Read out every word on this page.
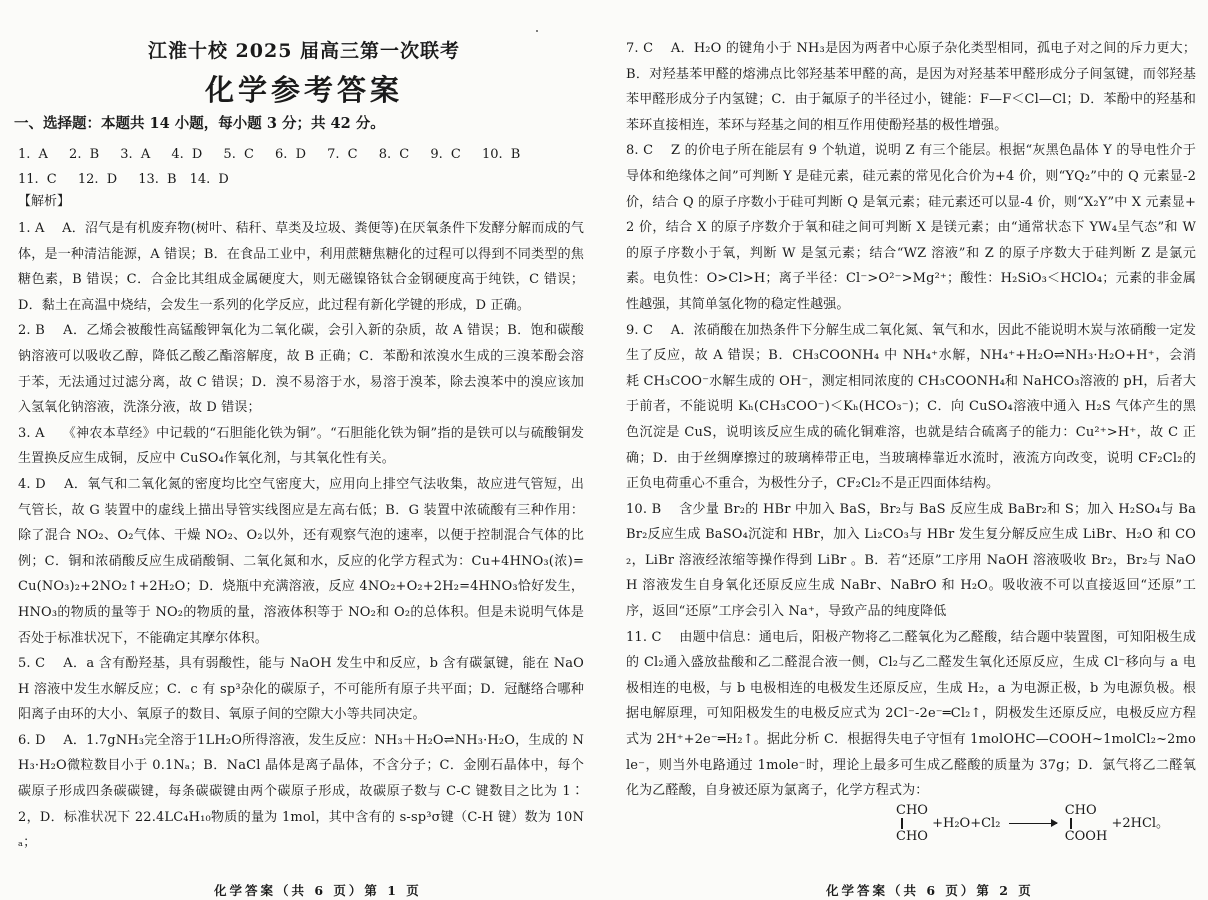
江淮十校 2025 届高三第一次联考
化学参考答案
一、选择题：本题共 14 小题，每小题 3 分；共 42 分。
1. A　 2. B　 3. A　 4. D　 5. C　 6. D　 7. C　 8. C　 9. C　 10. B
11. C　 12. D　 13. B　14. D
【解析】

1. A　 A．沼气是有机废弃物(树叶、秸秆、草类及垃圾、粪便等)在厌氧条件下发酵分解而成的气体，是一种清洁能源，A 错误；B．在食品工业中，利用蔗糖焦糖化的过程可以得到不同类型的焦糖色素，B 错误；C．合金比其组成金属硬度大，则无磁镍铬钛合金钢硬度高于纯铁，C 错误；D．黏土在高温中烧结，会发生一系列的化学反应，此过程有新化学键的形成，D 正确。

2. B　 A．乙烯会被酸性高锰酸钾氧化为二氧化碳，会引入新的杂质，故 A 错误；B．饱和碳酸钠溶液可以吸收乙醇，降低乙酸乙酯溶解度，故 B 正确；C．苯酚和浓溴水生成的三溴苯酚会溶于苯，无法通过过滤分离，故 C 错误；D．溴不易溶于水，易溶于溴苯，除去溴苯中的溴应该加入氢氧化钠溶液，洗涤分液，故 D 错误；

3. A　 《神农本草经》中记载的“石胆能化铁为铜”。“石胆能化铁为铜”指的是铁可以与硫酸铜发生置换反应生成铜，反应中 CuSO₄作氧化剂，与其氧化性有关。

4. D　 A．氧气和二氧化氮的密度均比空气密度大，应用向上排空气法收集，故应进气管短，出气管长，故 G 装置中的虚线上描出导管实线图应是左高右低；B．G 装置中浓硫酸有三种作用：除了混合 NO₂、O₂气体、干燥 NO₂、O₂以外，还有观察气泡的速率，以便于控制混合气体的比例；C．铜和浓硝酸反应生成硝酸铜、二氧化氮和水，反应的化学方程式为：Cu+4HNO₃(浓)=Cu(NO₃)₂+2NO₂↑+2H₂O；D．烧瓶中充满溶液，反应 4NO₂+O₂+2H₂=4HNO₃恰好发生，HNO₃的物质的量等于 NO₂的物质的量，溶液体积等于 NO₂和 O₂的总体积。但是未说明气体是否处于标准状况下，不能确定其摩尔体积。

5. C　 A．a 含有酚羟基，具有弱酸性，能与 NaOH 发生中和反应，b 含有碳氯键，能在 NaOH 溶液中发生水解反应；C．c 有 sp³杂化的碳原子，不可能所有原子共平面；D．冠醚络合哪种阳离子由环的大小、氧原子的数目、氧原子间的空隙大小等共同决定。

6. D　 A．1.7gNH₃完全溶于1LH₂O所得溶液，发生反应：NH₃＋H₂O⇌NH₃·H₂O，生成的 NH₃·H₂O微粒数目小于 0.1Nₐ；B．NaCl 晶体是离子晶体，不含分子；C．金刚石晶体中，每个碳原子形成四条碳碳键，每条碳碳键由两个碳原子形成，故碳原子数与 C-C 键数目之比为 1∶2，D．标准状况下 22.4LC₄H₁₀物质的量为 1mol，其中含有的 s-sp³σ键（C-H 键）数为 10Nₐ；

化学答案（共 6 页）第 1 页

7. C　 A．H₂O 的键角小于 NH₃是因为两者中心原子杂化类型相同，孤电子对之间的斥力更大；B．对羟基苯甲醛的熔沸点比邻羟基苯甲醛的高，是因为对羟基苯甲醛形成分子间氢键，而邻羟基苯甲醛形成分子内氢键；C．由于氟原子的半径过小，键能：F—F＜Cl—Cl；D．苯酚中的羟基和苯环直接相连，苯环与羟基之间的相互作用使酚羟基的极性增强。

8. C　 Z 的价电子所在能层有 9 个轨道，说明 Z 有三个能层。根据“灰黑色晶体 Y 的导电性介于导体和绝缘体之间”可判断 Y 是硅元素，硅元素的常见化合价为+4 价，则“YQ₂”中的 Q 元素显-2 价，结合 Q 的原子序数小于硅可判断 Q 是氧元素；硅元素还可以显-4 价，则“X₂Y”中 X 元素显+2 价，结合 X 的原子序数介于氧和硅之间可判断 X 是镁元素；由“通常状态下 YW₄呈气态”和 W 的原子序数小于氧，判断 W 是氢元素；结合“WZ 溶液”和 Z 的原子序数大于硅判断 Z 是氯元素。电负性：O>Cl>H；离子半径：Cl⁻>O²⁻>Mg²⁺；酸性：H₂SiO₃＜HClO₄；元素的非金属性越强，其简单氢化物的稳定性越强。

9. C　 A．浓硝酸在加热条件下分解生成二氧化氮、氧气和水，因此不能说明木炭与浓硝酸一定发生了反应，故 A 错误；B．CH₃COONH₄ 中 NH₄⁺水解，NH₄⁺+H₂O⇌NH₃·H₂O+H⁺，会消耗 CH₃COO⁻水解生成的 OH⁻，测定相同浓度的 CH₃COONH₄和 NaHCO₃溶液的 pH，后者大于前者，不能说明 Kₕ(CH₃COO⁻)＜Kₕ(HCO₃⁻)；C．向 CuSO₄溶液中通入 H₂S 气体产生的黑色沉淀是 CuS，说明该反应生成的硫化铜难溶，也就是结合硫离子的能力：Cu²⁺>H⁺，故 C 正确；D．由于丝绸摩擦过的玻璃棒带正电，当玻璃棒靠近水流时，液流方向改变，说明 CF₂Cl₂的正负电荷重心不重合，为极性分子，CF₂Cl₂不是正四面体结构。

10. B　 含少量 Br₂的 HBr 中加入 BaS，Br₂与 BaS 反应生成 BaBr₂和 S；加入 H₂SO₄与 BaBr₂反应生成 BaSO₄沉淀和 HBr，加入 Li₂CO₃与 HBr 发生复分解反应生成 LiBr、H₂O 和 CO₂，LiBr 溶液经浓缩等操作得到 LiBr 。B．若“还原”工序用 NaOH 溶液吸收 Br₂，Br₂与 NaOH 溶液发生自身氧化还原反应生成 NaBr、NaBrO 和 H₂O。吸收液不可以直接返回“还原”工序，返回“还原”工序会引入 Na⁺，导致产品的纯度降低

11. C　 由题中信息：通电后，阳极产物将乙二醛氧化为乙醛酸，结合题中装置图，可知阳极生成的 Cl₂通入盛放盐酸和乙二醛混合液一侧，Cl₂与乙二醛发生氧化还原反应，生成 Cl⁻移向与 a 电极相连的电极，与 b 电极相连的电极发生还原反应，生成 H₂，a 为电源正极，b 为电源负极。根据电解原理，可知阳极发生的电极反应式为 2Cl⁻-2e⁻═Cl₂↑，阴极发生还原反应，电极反应方程式为 2H⁺+2e⁻═H₂↑。据此分析 C．根据得失电子守恒有 1molOHC—COOH~1molCl₂~2mole⁻，则当外电路通过 1mole⁻时，理论上最多可生成乙醛酸的质量为 37g；D．氯气将乙二醛氧化为乙醛酸，自身被还原为氯离子，化学方程式为：

CHO
CHO +H₂O+Cl₂ → CHO
COOH +2HCl。
化学答案（共 6 页）第 2 页
